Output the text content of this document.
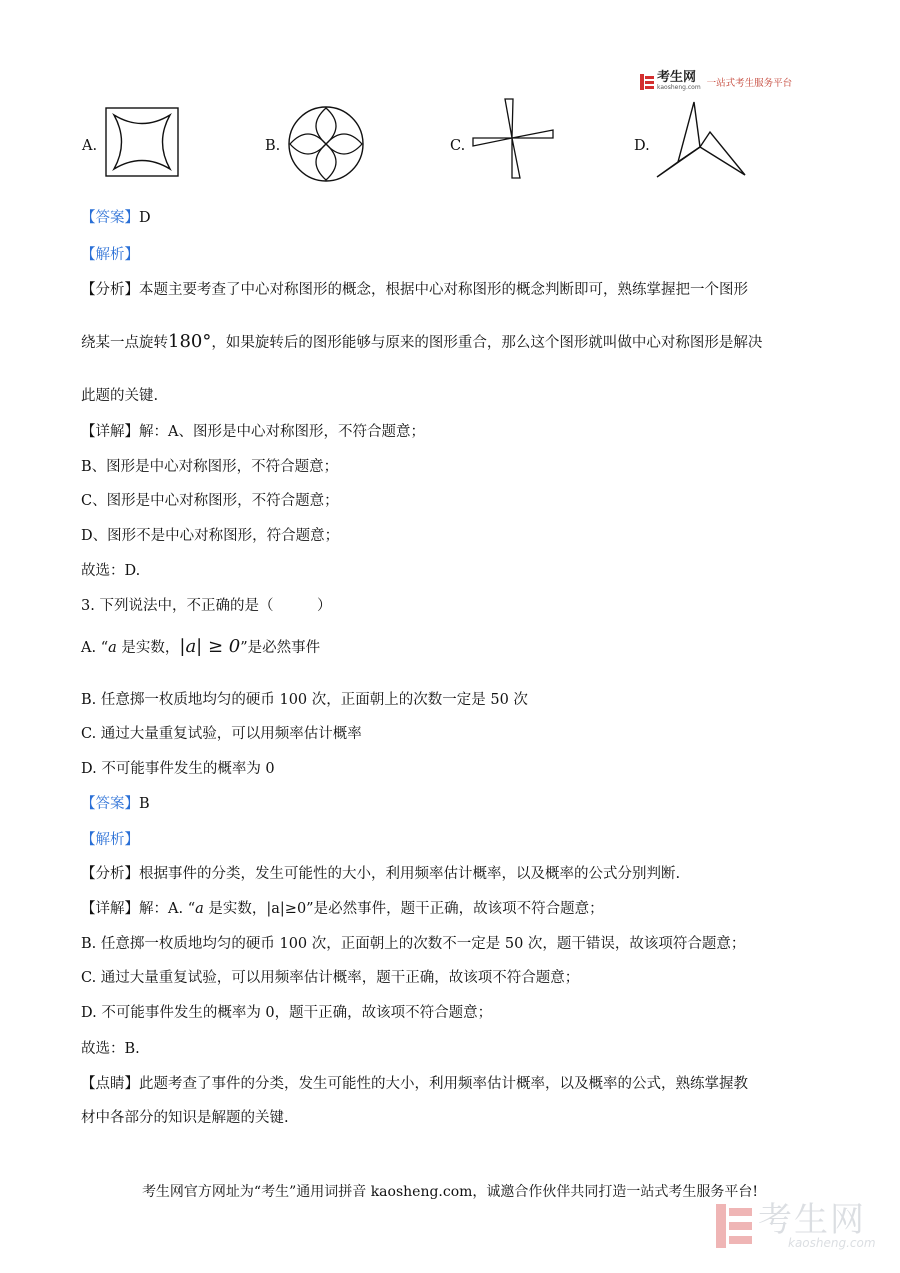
考生网
kaosheng.com 一站式考生服务平台
A.	B.	C.	D.
【答案】D
【解析】
【分析】本题主要考查了中心对称图形的概念，根据中心对称图形的概念判断即可，熟练掌握把一个图形
绕某一点旋转180°，如果旋转后的图形能够与原来的图形重合，那么这个图形就叫做中心对称图形是解决
此题的关键.
【详解】解：A、图形是中心对称图形，不符合题意；
B、图形是中心对称图形，不符合题意；
C、图形是中心对称图形，不符合题意；
D、图形不是中心对称图形，符合题意；
故选：D.
3. 下列说法中，不正确的是（　　　）
A. “a 是实数，|a| ≥ 0”是必然事件
B. 任意掷一枚质地均匀的硬币 100 次，正面朝上的次数一定是 50 次
C. 通过大量重复试验，可以用频率估计概率
D. 不可能事件发生的概率为 0
【答案】B
【解析】
【分析】根据事件的分类，发生可能性的大小，利用频率估计概率，以及概率的公式分别判断.
【详解】解：A. “a 是实数，|a|≥0”是必然事件，题干正确，故该项不符合题意；
B. 任意掷一枚质地均匀的硬币 100 次，正面朝上的次数不一定是 50 次，题干错误，故该项符合题意；
C. 通过大量重复试验，可以用频率估计概率，题干正确，故该项不符合题意；
D. 不可能事件发生的概率为 0，题干正确，故该项不符合题意；
故选：B.
【点睛】此题考查了事件的分类，发生可能性的大小，利用频率估计概率，以及概率的公式，熟练掌握教
材中各部分的知识是解题的关键.
考生网官方网址为“考生”通用词拼音 kaosheng.com，诚邀合作伙伴共同打造一站式考生服务平台!
考生网
kaosheng.com
